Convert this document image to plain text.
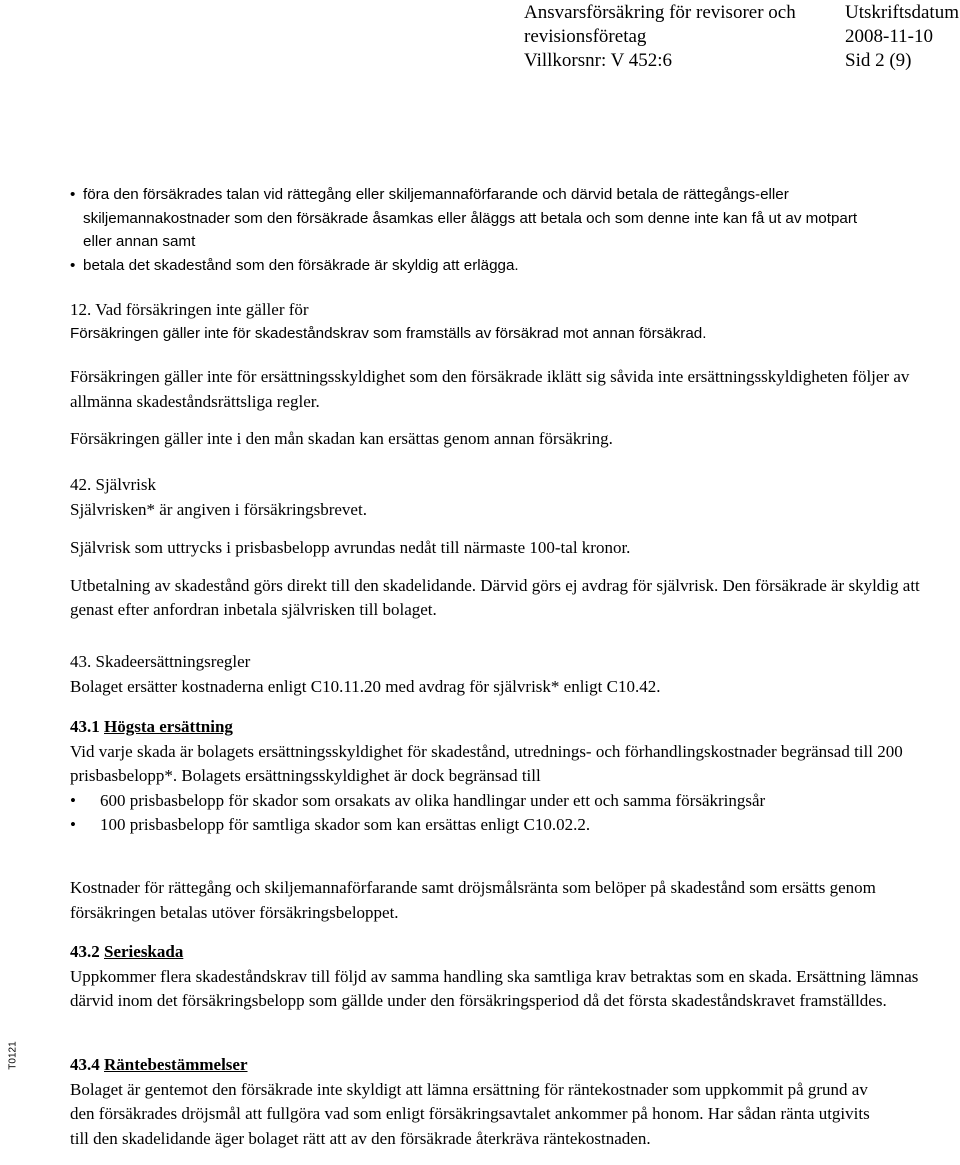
Ansvarsförsäkring för revisorer och
revisionsföretag
Villkorsnr: V 452:6
Utskriftsdatum
2008-11-10
Sid 2 (9)
• föra den försäkrades talan vid rättegång eller skiljemannaförfarande och därvid betala de rättegångs-eller skiljemannakostnader som den försäkrade åsamkas eller åläggs att betala och som denne inte kan få ut av motpart eller annan samt
• betala det skadestånd som den försäkrade är skyldig att erlägga.
12. Vad försäkringen inte gäller för
Försäkringen gäller inte för skadeståndskrav som framställs av försäkrad mot annan försäkrad.

Försäkringen gäller inte för ersättningsskyldighet som den försäkrade iklätt sig såvida inte ersättningsskyldigheten följer av allmänna skadeståndsrättsliga regler.

Försäkringen gäller inte i den mån skadan kan ersättas genom annan försäkring.

42. Självrisk

Självrisken* är angiven i försäkringsbrevet.

Självrisk som uttrycks i prisbasbelopp avrundas nedåt till närmaste 100-tal kronor.

Utbetalning av skadestånd görs direkt till den skadelidande. Därvid görs ej avdrag för självrisk. Den försäkrade är skyldig att genast efter anfordran inbetala självrisken till bolaget.

43. Skadeersättningsregler

Bolaget ersätter kostnaderna enligt C10.11.20 med avdrag för självrisk* enligt C10.42.

43.1 Högsta ersättning

Vid varje skada är bolagets ersättningsskyldighet för skadestånd, utrednings- och förhandlingskostnader begränsad till 200 prisbasbelopp*. Bolagets ersättningsskyldighet är dock begränsad till

• 600 prisbasbelopp för skador som orsakats av olika handlingar under ett och samma försäkringsår

• 100 prisbasbelopp för samtliga skador som kan ersättas enligt C10.02.2.

Kostnader för rättegång och skiljemannaförfarande samt dröjsmålsränta som belöper på skadestånd som ersätts genom försäkringen betalas utöver försäkringsbeloppet.

43.2 Serieskada

Uppkommer flera skadeståndskrav till följd av samma handling ska samtliga krav betraktas som en skada. Ersättning lämnas därvid inom det försäkringsbelopp som gällde under den försäkringsperiod då det första skadeståndskravet framställdes.

43.4 Räntebestämmelser

Bolaget är gentemot den försäkrade inte skyldigt att lämna ersättning för räntekostnader som uppkommit på grund av den försäkrades dröjsmål att fullgöra vad som enligt försäkringsavtalet ankommer på honom. Har sådan ränta utgivits till den skadelidande äger bolaget rätt att av den försäkrade återkräva räntekostnaden.

T0121
